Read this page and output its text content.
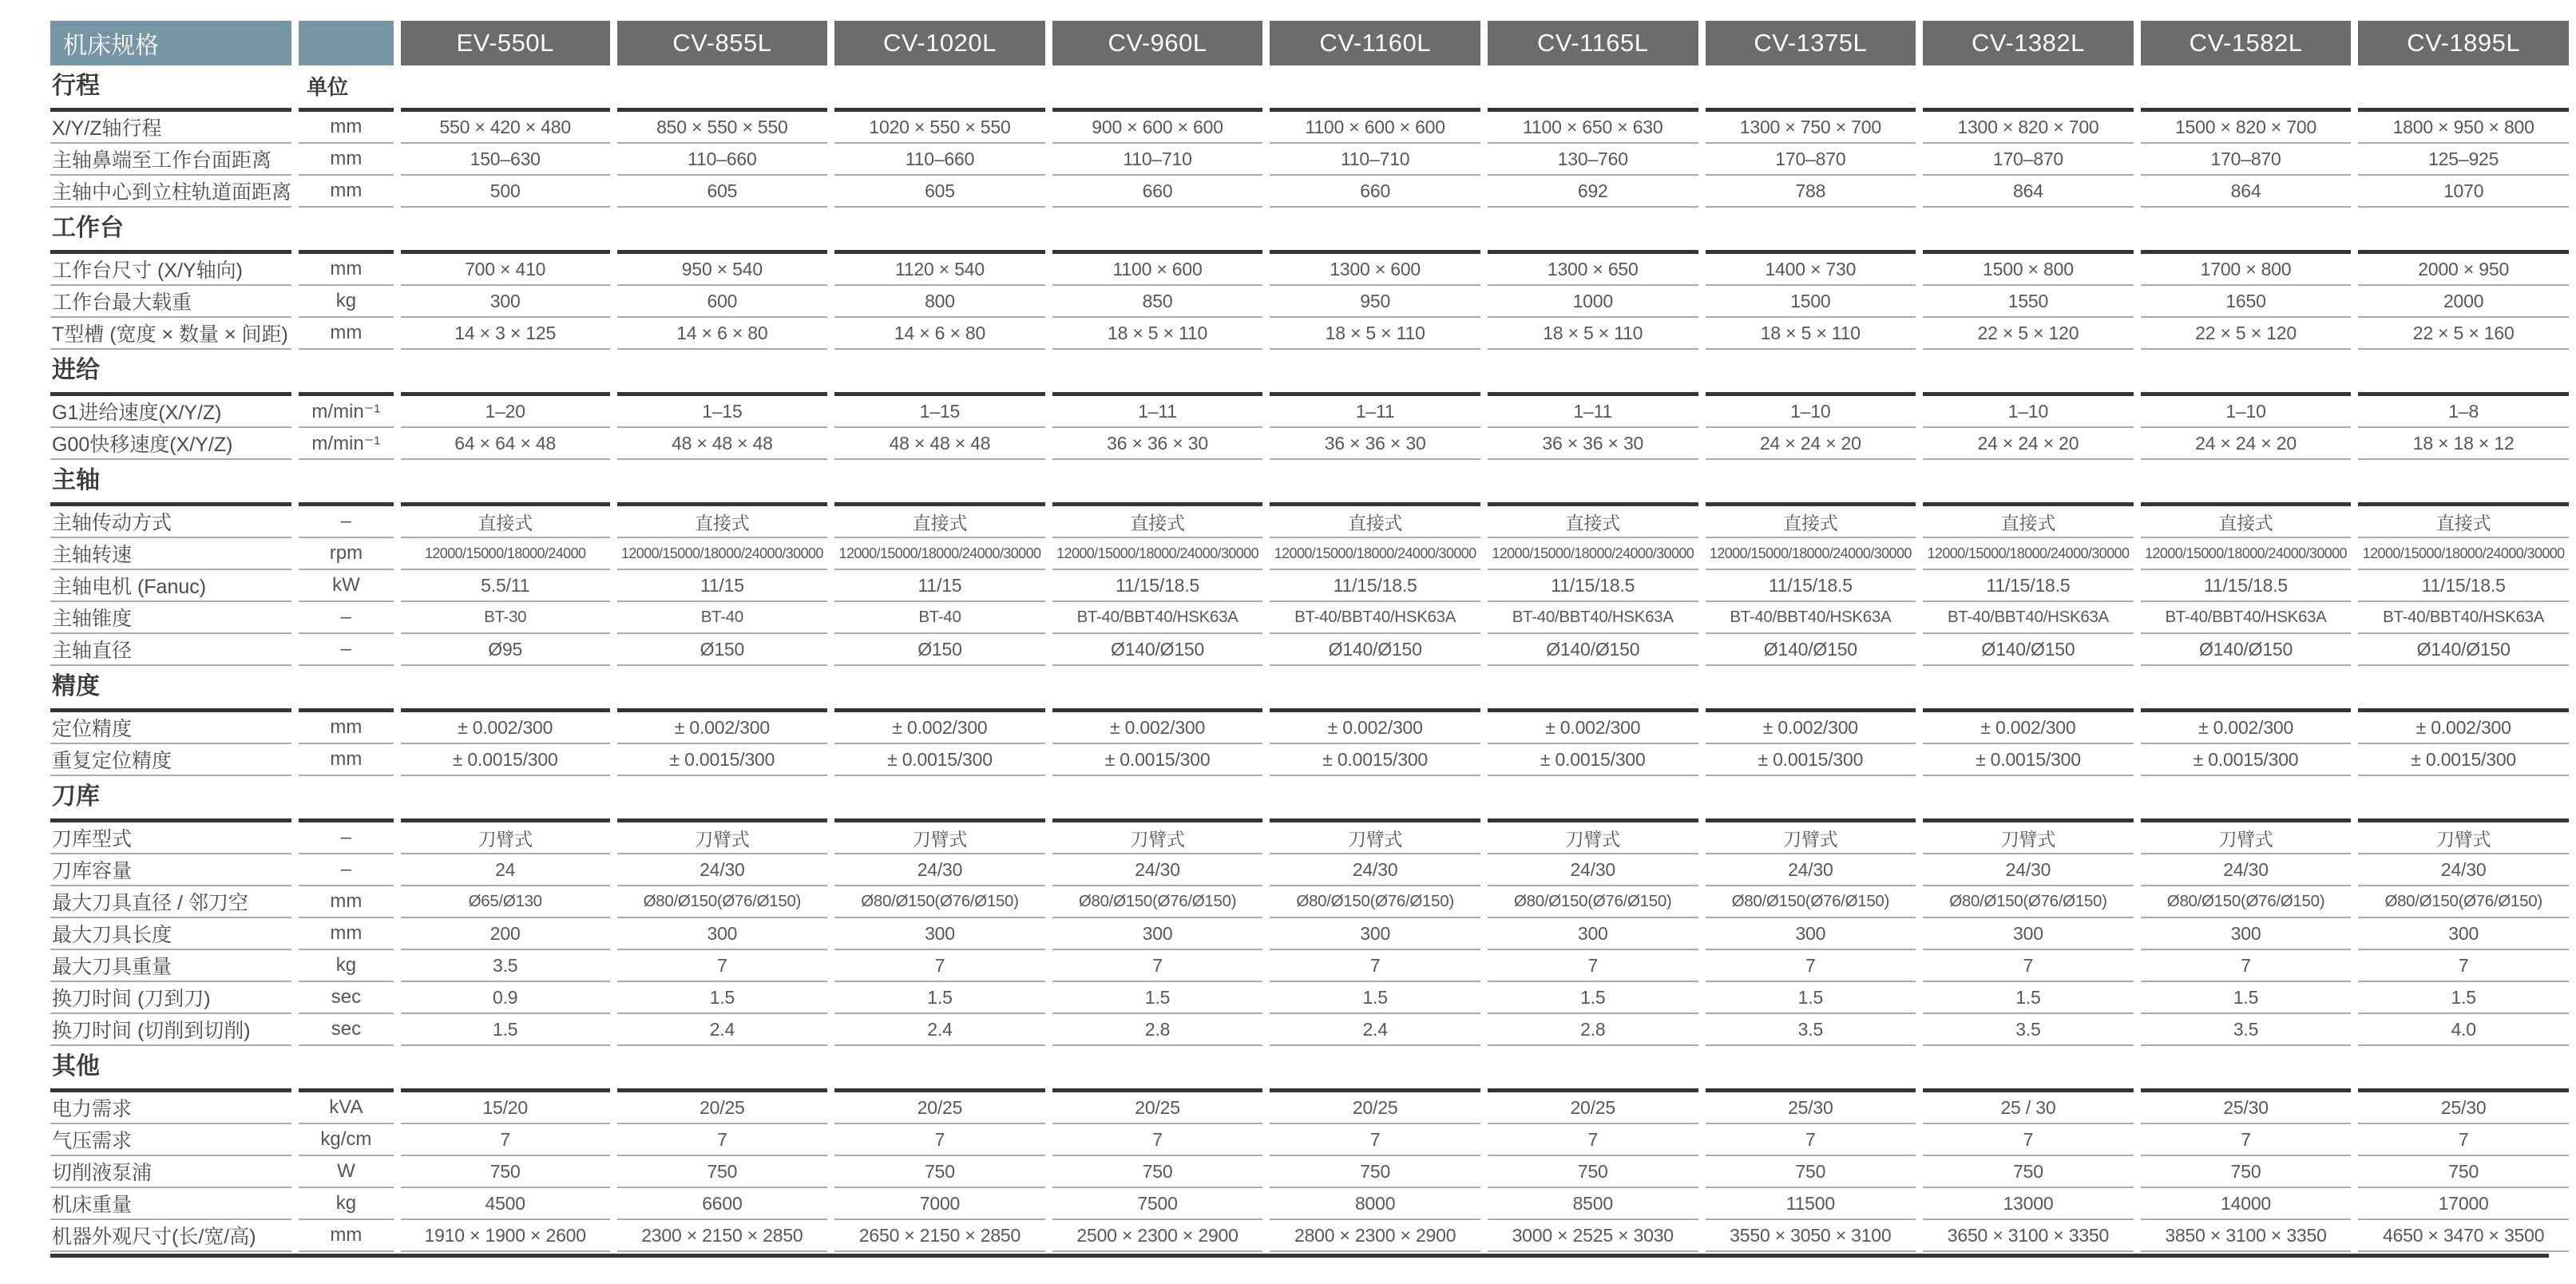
机床规格		EV-550L	CV-855L	CV-1020L	CV-960L	CV-1160L	CV-1165L	CV-1375L	CV-1382L	CV-1582L	CV-1895L
行程	单位										
X/Y/Z轴行程	mm	550 × 420 × 480	850 × 550 × 550	1020 × 550 × 550	900 × 600 × 600	1100 × 600 × 600	1100 × 650 × 630	1300 × 750 × 700	1300 × 820 × 700	1500 × 820 × 700	1800 × 950 × 800
主轴鼻端至工作台面距离	mm	150–630	110–660	110–660	110–710	110–710	130–760	170–870	170–870	170–870	125–925
主轴中心到立柱轨道面距离	mm	500	605	605	660	660	692	788	864	864	1070
工作台											
工作台尺寸 (X/Y轴向)	mm	700 × 410	950 × 540	1120 × 540	1100 × 600	1300 × 600	1300 × 650	1400 × 730	1500 × 800	1700 × 800	2000 × 950
工作台最大载重	kg	300	600	800	850	950	1000	1500	1550	1650	2000
T型槽 (宽度 × 数量 × 间距)	mm	14 × 3 × 125	14 × 6 × 80	14 × 6 × 80	18 × 5 × 110	18 × 5 × 110	18 × 5 × 110	18 × 5 × 110	22 × 5 × 120	22 × 5 × 120	22 × 5 × 160
进给											
G1进给速度(X/Y/Z)	m/min⁻¹	1–20	1–15	1–15	1–11	1–11	1–11	1–10	1–10	1–10	1–8
G00快移速度(X/Y/Z)	m/min⁻¹	64 × 64 × 48	48 × 48 × 48	48 × 48 × 48	36 × 36 × 30	36 × 36 × 30	36 × 36 × 30	24 × 24 × 20	24 × 24 × 20	24 × 24 × 20	18 × 18 × 12
主轴											
主轴传动方式	–	直接式	直接式	直接式	直接式	直接式	直接式	直接式	直接式	直接式	直接式
主轴转速	rpm	12000/15000/18000/24000	12000/15000/18000/24000/30000	12000/15000/18000/24000/30000	12000/15000/18000/24000/30000	12000/15000/18000/24000/30000	12000/15000/18000/24000/30000	12000/15000/18000/24000/30000	12000/15000/18000/24000/30000	12000/15000/18000/24000/30000	12000/15000/18000/24000/30000
主轴电机 (Fanuc)	kW	5.5/11	11/15	11/15	11/15/18.5	11/15/18.5	11/15/18.5	11/15/18.5	11/15/18.5	11/15/18.5	11/15/18.5
主轴锥度	–	BT-30	BT-40	BT-40	BT-40/BBT40/HSK63A	BT-40/BBT40/HSK63A	BT-40/BBT40/HSK63A	BT-40/BBT40/HSK63A	BT-40/BBT40/HSK63A	BT-40/BBT40/HSK63A	BT-40/BBT40/HSK63A
主轴直径	–	Ø95	Ø150	Ø150	Ø140/Ø150	Ø140/Ø150	Ø140/Ø150	Ø140/Ø150	Ø140/Ø150	Ø140/Ø150	Ø140/Ø150
精度											
定位精度	mm	± 0.002/300	± 0.002/300	± 0.002/300	± 0.002/300	± 0.002/300	± 0.002/300	± 0.002/300	± 0.002/300	± 0.002/300	± 0.002/300
重复定位精度	mm	± 0.0015/300	± 0.0015/300	± 0.0015/300	± 0.0015/300	± 0.0015/300	± 0.0015/300	± 0.0015/300	± 0.0015/300	± 0.0015/300	± 0.0015/300
刀库											
刀库型式	–	刀臂式	刀臂式	刀臂式	刀臂式	刀臂式	刀臂式	刀臂式	刀臂式	刀臂式	刀臂式
刀库容量	–	24	24/30	24/30	24/30	24/30	24/30	24/30	24/30	24/30	24/30
最大刀具直径 / 邻刀空	mm	Ø65/Ø130	Ø80/Ø150(Ø76/Ø150)	Ø80/Ø150(Ø76/Ø150)	Ø80/Ø150(Ø76/Ø150)	Ø80/Ø150(Ø76/Ø150)	Ø80/Ø150(Ø76/Ø150)	Ø80/Ø150(Ø76/Ø150)	Ø80/Ø150(Ø76/Ø150)	Ø80/Ø150(Ø76/Ø150)	Ø80/Ø150(Ø76/Ø150)
最大刀具长度	mm	200	300	300	300	300	300	300	300	300	300
最大刀具重量	kg	3.5	7	7	7	7	7	7	7	7	7
换刀时间 (刀到刀)	sec	0.9	1.5	1.5	1.5	1.5	1.5	1.5	1.5	1.5	1.5
换刀时间 (切削到切削)	sec	1.5	2.4	2.4	2.8	2.4	2.8	3.5	3.5	3.5	4.0
其他											
电力需求	kVA	15/20	20/25	20/25	20/25	20/25	20/25	25/30	25 / 30	25/30	25/30
气压需求	kg/cm	7	7	7	7	7	7	7	7	7	7
切削液泵浦	W	750	750	750	750	750	750	750	750	750	750
机床重量	kg	4500	6600	7000	7500	8000	8500	11500	13000	14000	17000
机器外观尺寸(长/宽/高)	mm	1910 × 1900 × 2600	2300 × 2150 × 2850	2650 × 2150 × 2850	2500 × 2300 × 2900	2800 × 2300 × 2900	3000 × 2525 × 3030	3550 × 3050 × 3100	3650 × 3100 × 3350	3850 × 3100 × 3350	4650 × 3470 × 3500
